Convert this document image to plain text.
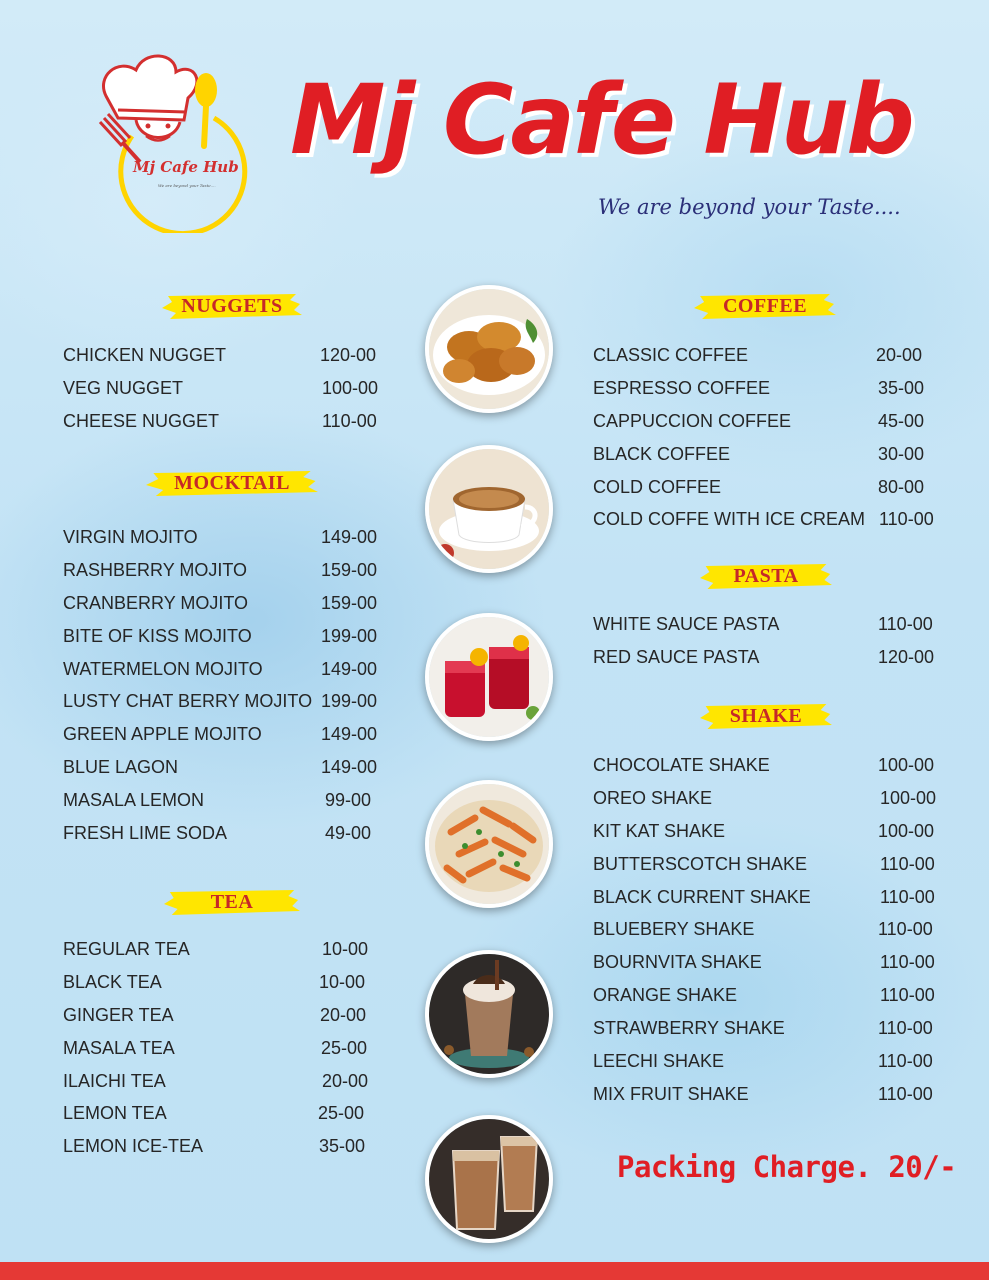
Mj Cafe Hub
We are beyond your Taste....
Mj Cafe Hub
We are beyond your Taste....
NUGGETS
CHICKEN NUGGET	120-00
VEG NUGGET	100-00
CHEESE NUGGET	110-00
MOCKTAIL
VIRGIN MOJITO	149-00
RASHBERRY MOJITO	159-00
CRANBERRY MOJITO	159-00
BITE OF KISS MOJITO	199-00
WATERMELON MOJITO	149-00
LUSTY CHAT BERRY MOJITO 199-00
GREEN APPLE MOJITO	149-00
BLUE LAGON	149-00
MASALA LEMON	99-00
FRESH LIME SODA	49-00
TEA
REGULAR TEA	10-00
BLACK TEA	10-00
GINGER TEA	20-00
MASALA TEA	25-00
ILAICHI TEA	20-00
LEMON TEA	25-00
LEMON ICE-TEA	35-00
COFFEE
CLASSIC COFFEE	20-00
ESPRESSO COFFEE	35-00
CAPPUCCION COFFEE	45-00
BLACK COFFEE	30-00
COLD COFFEE	80-00
COLD COFFE WITH ICE CREAM 110-00
PASTA
WHITE SAUCE PASTA	110-00
RED SAUCE PASTA	120-00
SHAKE
CHOCOLATE SHAKE	100-00
OREO SHAKE	100-00
KIT KAT SHAKE	100-00
BUTTERSCOTCH SHAKE	110-00
BLACK CURRENT SHAKE	110-00
BLUEBERY SHAKE	110-00
BOURNVITA SHAKE	110-00
ORANGE SHAKE	110-00
STRAWBERRY SHAKE	110-00
LEECHI SHAKE	110-00
MIX FRUIT SHAKE	110-00
Packing Charge. 20/-
